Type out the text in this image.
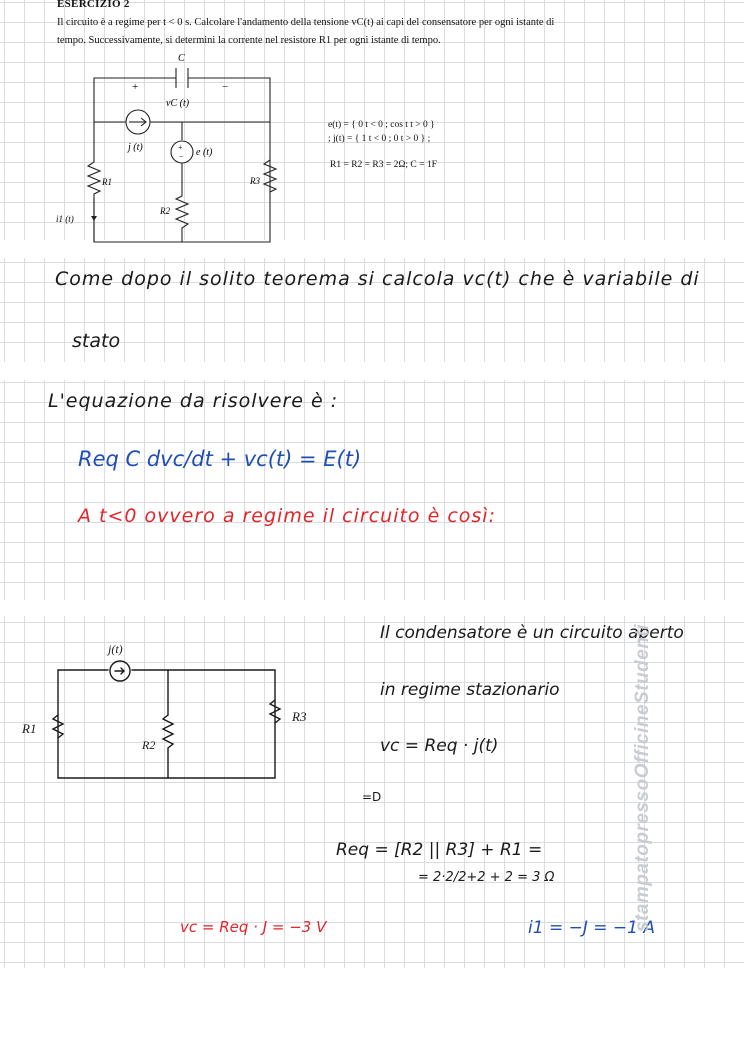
ESERCIZIO 2
Il circuito è a regime per t < 0 s. Calcolare l'andamento della tensione vC(t) ai capi del consensatore per ogni istante di tempo. Successivamente, si determini la corrente nel resistore R1 per ogni istante di tempo.
C
+	−
vC (t)
j (t)	+
− e (t)
R1
R2
R3
i1 (t)
e(t) = { 0 t < 0 ; cos t t > 0 }
; j(t) = { 1 t < 0 ; 0 t > 0 } ;
R1 = R2 = R3 = 2Ω; C = 1F
Come dopo il solito teorema si calcola vc(t) che è variabile di
stato
L'equazione da risolvere è :
Req C dvc/dt + vc(t) = E(t)
A t<0 ovvero a regime il circuito è così:
j(t)
R1
R2
R3
Il condensatore è un circuito aperto
in regime stazionario
vc = Req · j(t)
=D
Req = [R2 || R3] + R1 =
= 2·2/2+2 + 2 = 3 Ω
vc = Req · J = −3 V	i1 = −J = −1 A
stampatopressoOfficineStudenti
